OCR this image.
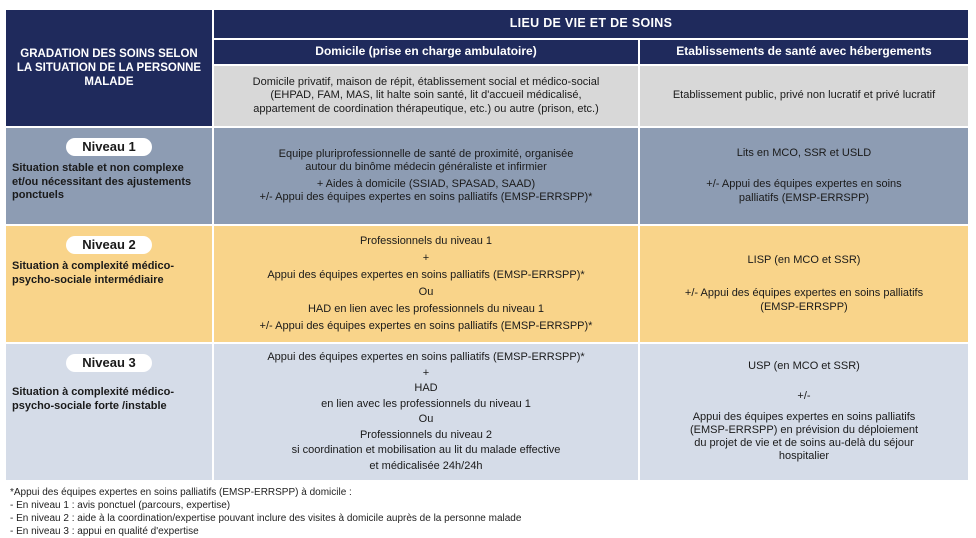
GRADATION DES SOINS SELON LA SITUATION DE LA PERSONNE MALADE
LIEU DE VIE ET DE SOINS
Domicile (prise en charge ambulatoire)	Etablissements de santé avec hébergements
Domicile privatif, maison de répit, établissement social et médico-social (EHPAD, FAM, MAS, lit halte soin santé, lit d'accueil médicalisé, appartement de coordination thérapeutique, etc.) ou autre (prison, etc.)
Etablissement public, privé non lucratif et privé lucratif
Niveau 1
Situation stable et non complexe et/ou nécessitant des ajustements ponctuels
Equipe pluriprofessionnelle de santé de proximité, organisée
autour du binôme médecin généraliste et infirmier
+ Aides à domicile (SSIAD, SPASAD, SAAD)
+/- Appui des équipes expertes en soins palliatifs (EMSP-ERRSPP)*
Lits en MCO, SSR et USLD
+/- Appui des équipes expertes en soins
palliatifs (EMSP-ERRSPP)
Niveau 2
Situation à complexité médico-psycho-sociale intermédiaire
Professionnels du niveau 1
+
Appui des équipes expertes en soins palliatifs (EMSP-ERRSPP)*
Ou
HAD en lien avec les professionnels du niveau 1
+/- Appui des équipes expertes en soins palliatifs (EMSP-ERRSPP)*
LISP (en MCO et SSR)
+/- Appui des équipes expertes en soins palliatifs
(EMSP-ERRSPP)
Niveau 3
Situation à complexité médico-psycho-sociale forte /instable
Appui des équipes expertes en soins palliatifs (EMSP-ERRSPP)*
+
HAD
en lien avec les professionnels du niveau 1
Ou
Professionnels du niveau 2
si coordination et mobilisation au lit du malade effective
et médicalisée 24h/24h
USP (en MCO et SSR)
+/-
Appui des équipes expertes en soins palliatifs
(EMSP-ERRSPP) en prévision du déploiement
du projet de vie et de soins au-delà du séjour
hospitalier
*Appui des équipes expertes en soins palliatifs (EMSP-ERRSPP) à domicile :
- En niveau 1 : avis ponctuel (parcours, expertise)
- En niveau 2 : aide à la coordination/expertise pouvant inclure des visites à domicile auprès de la personne malade
- En niveau 3 : appui en qualité d'expertise
